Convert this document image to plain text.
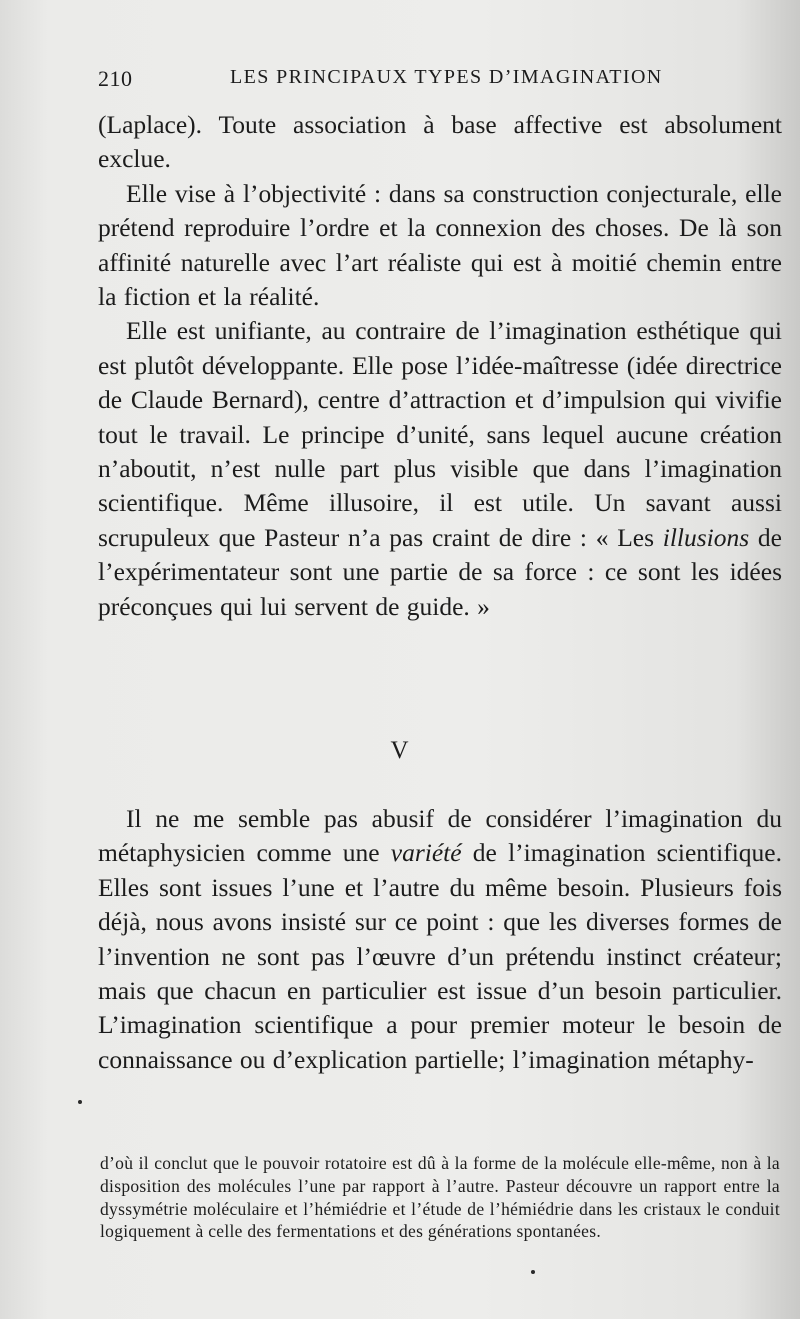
210	LES PRINCIPAUX TYPES D’IMAGINATION

(Laplace). Toute association à base affective est absolument exclue.

Elle vise à l’objectivité : dans sa construction conjecturale, elle prétend reproduire l’ordre et la connexion des choses. De là son affinité naturelle avec l’art réaliste qui est à moitié chemin entre la fiction et la réalité.

Elle est unifiante, au contraire de l’imagination esthétique qui est plutôt développante. Elle pose l’idée-maîtresse (idée directrice de Claude Bernard), centre d’attraction et d’impulsion qui vivifie tout le travail. Le principe d’unité, sans lequel aucune création n’aboutit, n’est nulle part plus visible que dans l’imagination scientifique. Même illusoire, il est utile. Un savant aussi scrupuleux que Pasteur n’a pas craint de dire : « Les illusions de l’expérimentateur sont une partie de sa force : ce sont les idées préconçues qui lui servent de guide. »

V

Il ne me semble pas abusif de considérer l’imagination du métaphysicien comme une variété de l’imagination scientifique. Elles sont issues l’une et l’autre du même besoin. Plusieurs fois déjà, nous avons insisté sur ce point : que les diverses formes de l’invention ne sont pas l’œuvre d’un prétendu instinct créateur; mais que chacun en particulier est issue d’un besoin particulier. L’imagination scientifique a pour premier moteur le besoin de connaissance ou d’explication partielle; l’imagination métaphy-

d’où il conclut que le pouvoir rotatoire est dû à la forme de la molécule elle-même, non à la disposition des molécules l’une par rapport à l’autre. Pasteur découvre un rapport entre la dyssymétrie moléculaire et l’hémiédrie et l’étude de l’hémiédrie dans les cristaux le conduit logiquement à celle des fermentations et des générations spontanées.
